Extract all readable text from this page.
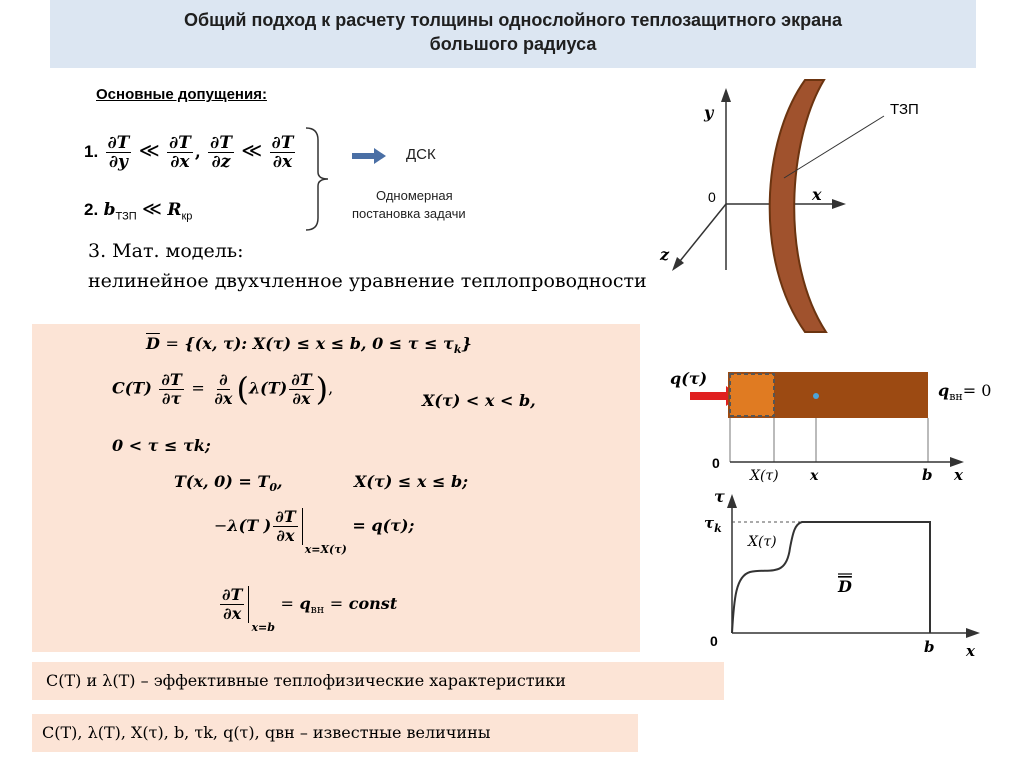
Общий подход к расчету толщины однослойного теплозащитного экрана
большого радиуса
Основные допущения:
1. $\frac{\partial T}{\partial y}$ ≪ $\frac{\partial T}{\partial x}$ , $\frac{\partial T}{\partial z}$ ≪ $\frac{\partial T}{\partial x}$
2. $b_{ТЗП}$ ≪ $R_{кр}$
ДСК
Одномерная
постановка задачи
3. Мат. модель:
нелинейное двухчленное уравнение теплопроводности
y
x
z
0
ТЗП
$\overline{D} = \{(x$, τ): X(τ) ≤ x ≤ b, $0 \le \tau \le \tau_k$}
$C(T) \frac{\partial T}{\partial\tau} = \frac{\partial}{\partial x} (\lambda(T) \frac{\partial T}{\partial x}$ ),
X(τ) < x < b,
0 < τ ≤ τk;
T(x, $0) = T_0$,	X(τ) ≤ x ≤ b;
−λ(T ) $\frac{\partial T}{\partial x}$
$_{x=X(\tau)}$ = q(τ);
$\frac{\partial T}{\partial x}$
$_{x=b} = q_{вн}$ = const
q(τ)
$q_{вн}= 0$
0
X(τ) x	b x
τ
$\tau_k$
X(τ)
D
0	b x
C(T) и λ(T) – эффективные теплофизические характеристики
C(T), λ(T), X(τ), b, τk, q(τ), qвн – известные величины
